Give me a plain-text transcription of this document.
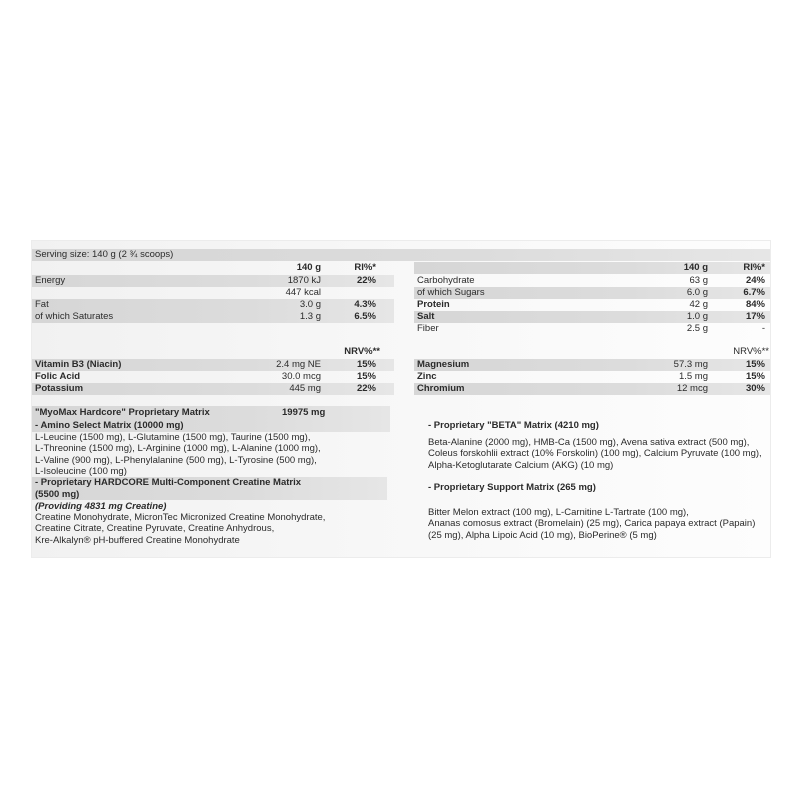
Serving size: 140 g (2 ¾ scoops)
140 g	RI%*	140 g	RI%*
Energy	1870 kJ	22%
447 kcal
Fat	3.0 g	4.3%
of which Saturates	1.3 g	6.5%
Carbohydrate	63 g	24%
of which Sugars	6.0 g	6.7%
Protein	42 g	84%
Salt	1.0 g	17%
Fiber	2.5 g	-
NRV%**	NRV%**
Vitamin B3 (Niacin)	2.4 mg NE	15%
Folic Acid	30.0 mcg	15%
Potassium	445 mg	22%
Magnesium	57.3 mg	15%
Zinc	1.5 mg	15%
Chromium	12 mcg	30%
"MyoMax Hardcore" Proprietary Matrix	19975 mg
- Amino Select Matrix (10000 mg)
L-Leucine (1500 mg), L-Glutamine (1500 mg), Taurine (1500 mg),
L-Threonine (1500 mg), L-Arginine (1000 mg), L-Alanine (1000 mg),
L-Valine (900 mg), L-Phenylalanine (500 mg), L-Tyrosine (500 mg),
L-Isoleucine (100 mg)
- Proprietary HARDCORE Multi-Component Creatine Matrix
(5500 mg)
(Providing 4831 mg Creatine)
Creatine Monohydrate, MicronTec Micronized Creatine Monohydrate,
Creatine Citrate, Creatine Pyruvate, Creatine Anhydrous,
Kre-Alkalyn® pH-buffered Creatine Monohydrate
- Proprietary "BETA" Matrix (4210 mg)
Beta-Alanine (2000 mg), HMB-Ca (1500 mg), Avena sativa extract (500 mg),
Coleus forskohlii extract (10% Forskolin) (100 mg), Calcium Pyruvate (100 mg),
Alpha-Ketoglutarate Calcium (AKG) (10 mg)
- Proprietary Support Matrix (265 mg)
Bitter Melon extract (100 mg), L-Carnitine L-Tartrate (100 mg),
Ananas comosus extract (Bromelain) (25 mg), Carica papaya extract (Papain)
(25 mg), Alpha Lipoic Acid (10 mg), BioPerine® (5 mg)
